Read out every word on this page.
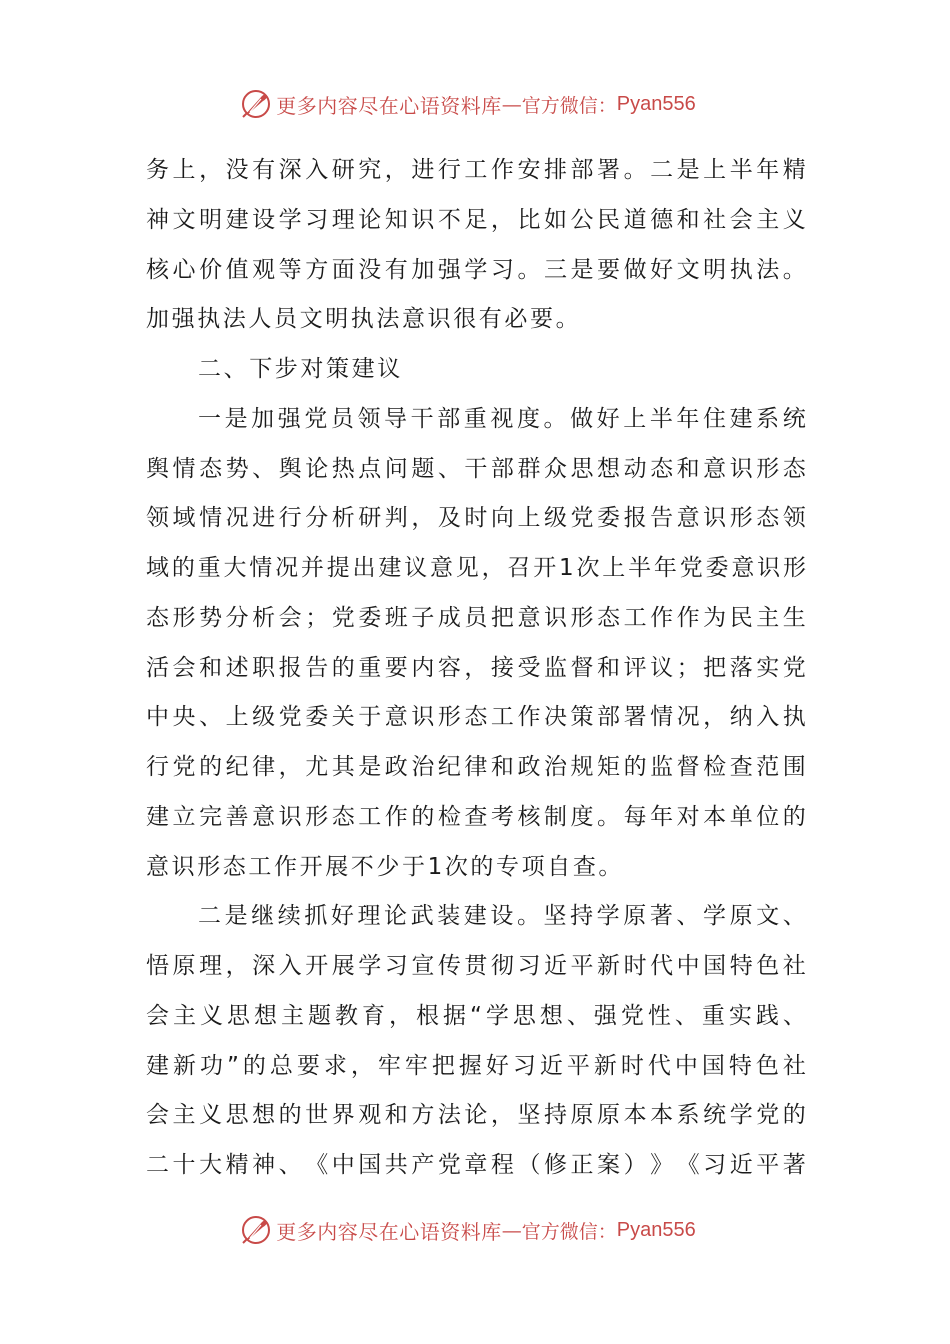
更多内容尽在心语资料库 — 官方微信： Pyan556
务 上 ， 没 有 深 入 研 究 ， 进 行 工 作 安 排 部 署 。 二 是 上 半 年 精
神 文 明 建 设 学 习 理 论 知 识 不 足 ， 比 如 公 民 道 德 和 社 会 主 义
核 心 价 值 观 等 方 面 没 有 加 强 学 习 。 三 是 要 做 好 文 明 执 法 。
加强执法人员文明执法意识很有必要。
二、下步对策建议
一 是 加 强 党 员 领 导 干 部 重 视 度 。 做 好 上 半 年 住 建 系 统
舆 情 态 势 、 舆 论 热 点 问 题 、 干 部 群 众 思 想 动 态 和 意 识 形 态
领 域 情 况 进 行 分 析 研 判 ， 及 时 向 上 级 党 委 报 告 意 识 形 态 领
域 的 重 大 情 况 并 提 出 建 议 意 见 ， 召 开 1 次 上 半 年 党 委 意 识 形
态 形 势 分 析 会 ； 党 委 班 子 成 员 把 意 识 形 态 工 作 作 为 民 主 生
活 会 和 述 职 报 告 的 重 要 内 容 ， 接 受 监 督 和 评 议 ； 把 落 实 党
中 央 、 上 级 党 委 关 于 意 识 形 态 工 作 决 策 部 署 情 况 ， 纳 入 执
行 党 的 纪 律 ， 尤 其 是 政 治 纪 律 和 政 治 规 矩 的 监 督 检 查 范 围
建 立 完 善 意 识 形 态 工 作 的 检 查 考 核 制 度 。 每 年 对 本 单 位 的
意识形态工作开展不少于1次的专项自查。
二 是 继 续 抓 好 理 论 武 装 建 设 。 坚 持 学 原 著 、 学 原 文 、
悟 原 理 ， 深 入 开 展 学 习 宣 传 贯 彻 习 近 平 新 时 代 中 国 特 色 社
会 主 义 思 想 主 题 教 育 ， 根 据 “ 学 思 想 、 强 党 性 、 重 实 践 、
建 新 功 ” 的 总 要 求 ， 牢 牢 把 握 好 习 近 平 新 时 代 中 国 特 色 社
会 主 义 思 想 的 世 界 观 和 方 法 论 ， 坚 持 原 原 本 本 系 统 学 党 的
二 十 大 精 神 、 《 中 国 共 产 党 章 程 （ 修 正 案 ） 》 《 习 近 平 著
更多内容尽在心语资料库 — 官方微信： Pyan556
